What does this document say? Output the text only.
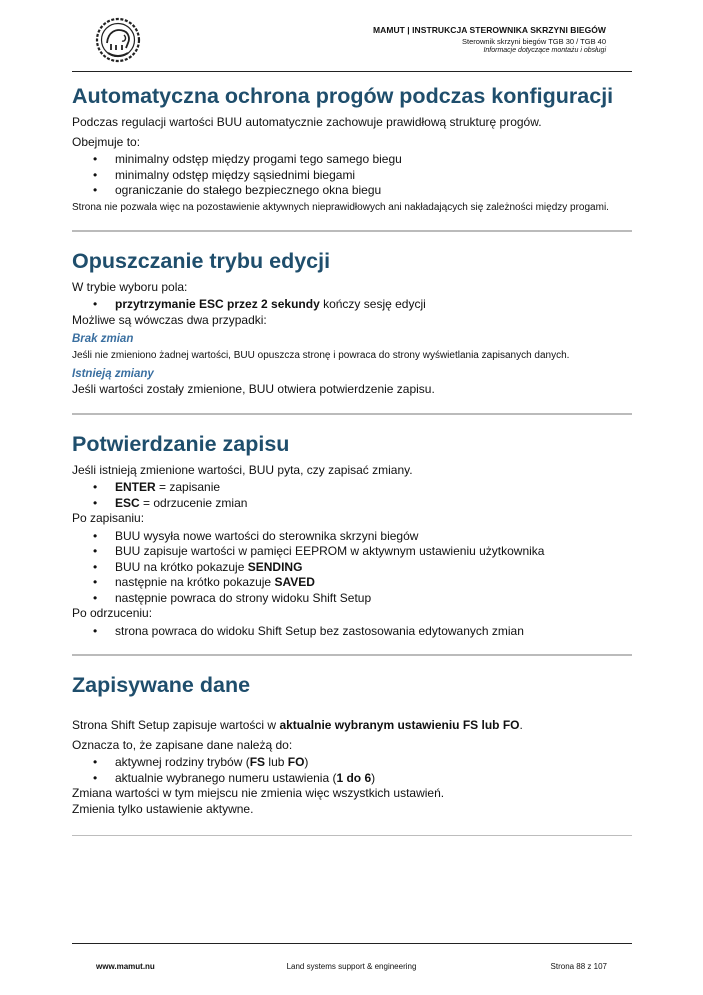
MAMUT | INSTRUKCJA STEROWNIKA SKRZYNI BIEGÓW
Sterownik skrzyni biegów TGB 30 / TGB 40
Informacje dotyczące montażu i obsługi
Automatyczna ochrona progów podczas konfiguracji

Podczas regulacji wartości BUU automatycznie zachowuje prawidłową strukturę progów.

Obejmuje to:

• minimalny odstęp między progami tego samego biegu
• minimalny odstęp między sąsiednimi biegami
• ograniczanie do stałego bezpiecznego okna biegu

Strona nie pozwala więc na pozostawienie aktywnych nieprawidłowych ani nakładających się zależności między progami.

Opuszczanie trybu edycji

W trybie wyboru pola:

• przytrzymanie ESC przez 2 sekundy kończy sesję edycji

Możliwe są wówczas dwa przypadki:

Brak zmian

Jeśli nie zmieniono żadnej wartości, BUU opuszcza stronę i powraca do strony wyświetlania zapisanych danych.

Istnieją zmiany

Jeśli wartości zostały zmienione, BUU otwiera potwierdzenie zapisu.

Potwierdzanie zapisu

Jeśli istnieją zmienione wartości, BUU pyta, czy zapisać zmiany.

• ENTER = zapisanie
• ESC = odrzucenie zmian

Po zapisaniu:

• BUU wysyła nowe wartości do sterownika skrzyni biegów
• BUU zapisuje wartości w pamięci EEPROM w aktywnym ustawieniu użytkownika
• BUU na krótko pokazuje SENDING
• następnie na krótko pokazuje SAVED
• następnie powraca do strony widoku Shift Setup

Po odrzuceniu:

• strona powraca do widoku Shift Setup bez zastosowania edytowanych zmian
Zapisywane dane

Strona Shift Setup zapisuje wartości w aktualnie wybranym ustawieniu FS lub FO.

Oznacza to, że zapisane dane należą do:

• aktywnej rodziny trybów (FS lub FO)
• aktualnie wybranego numeru ustawienia (1 do 6)

Zmiana wartości w tym miejscu nie zmienia więc wszystkich ustawień.

Zmienia tylko ustawienie aktywne.

www.mamut.nu	Land systems support & engineering	Strona 88 z 107
